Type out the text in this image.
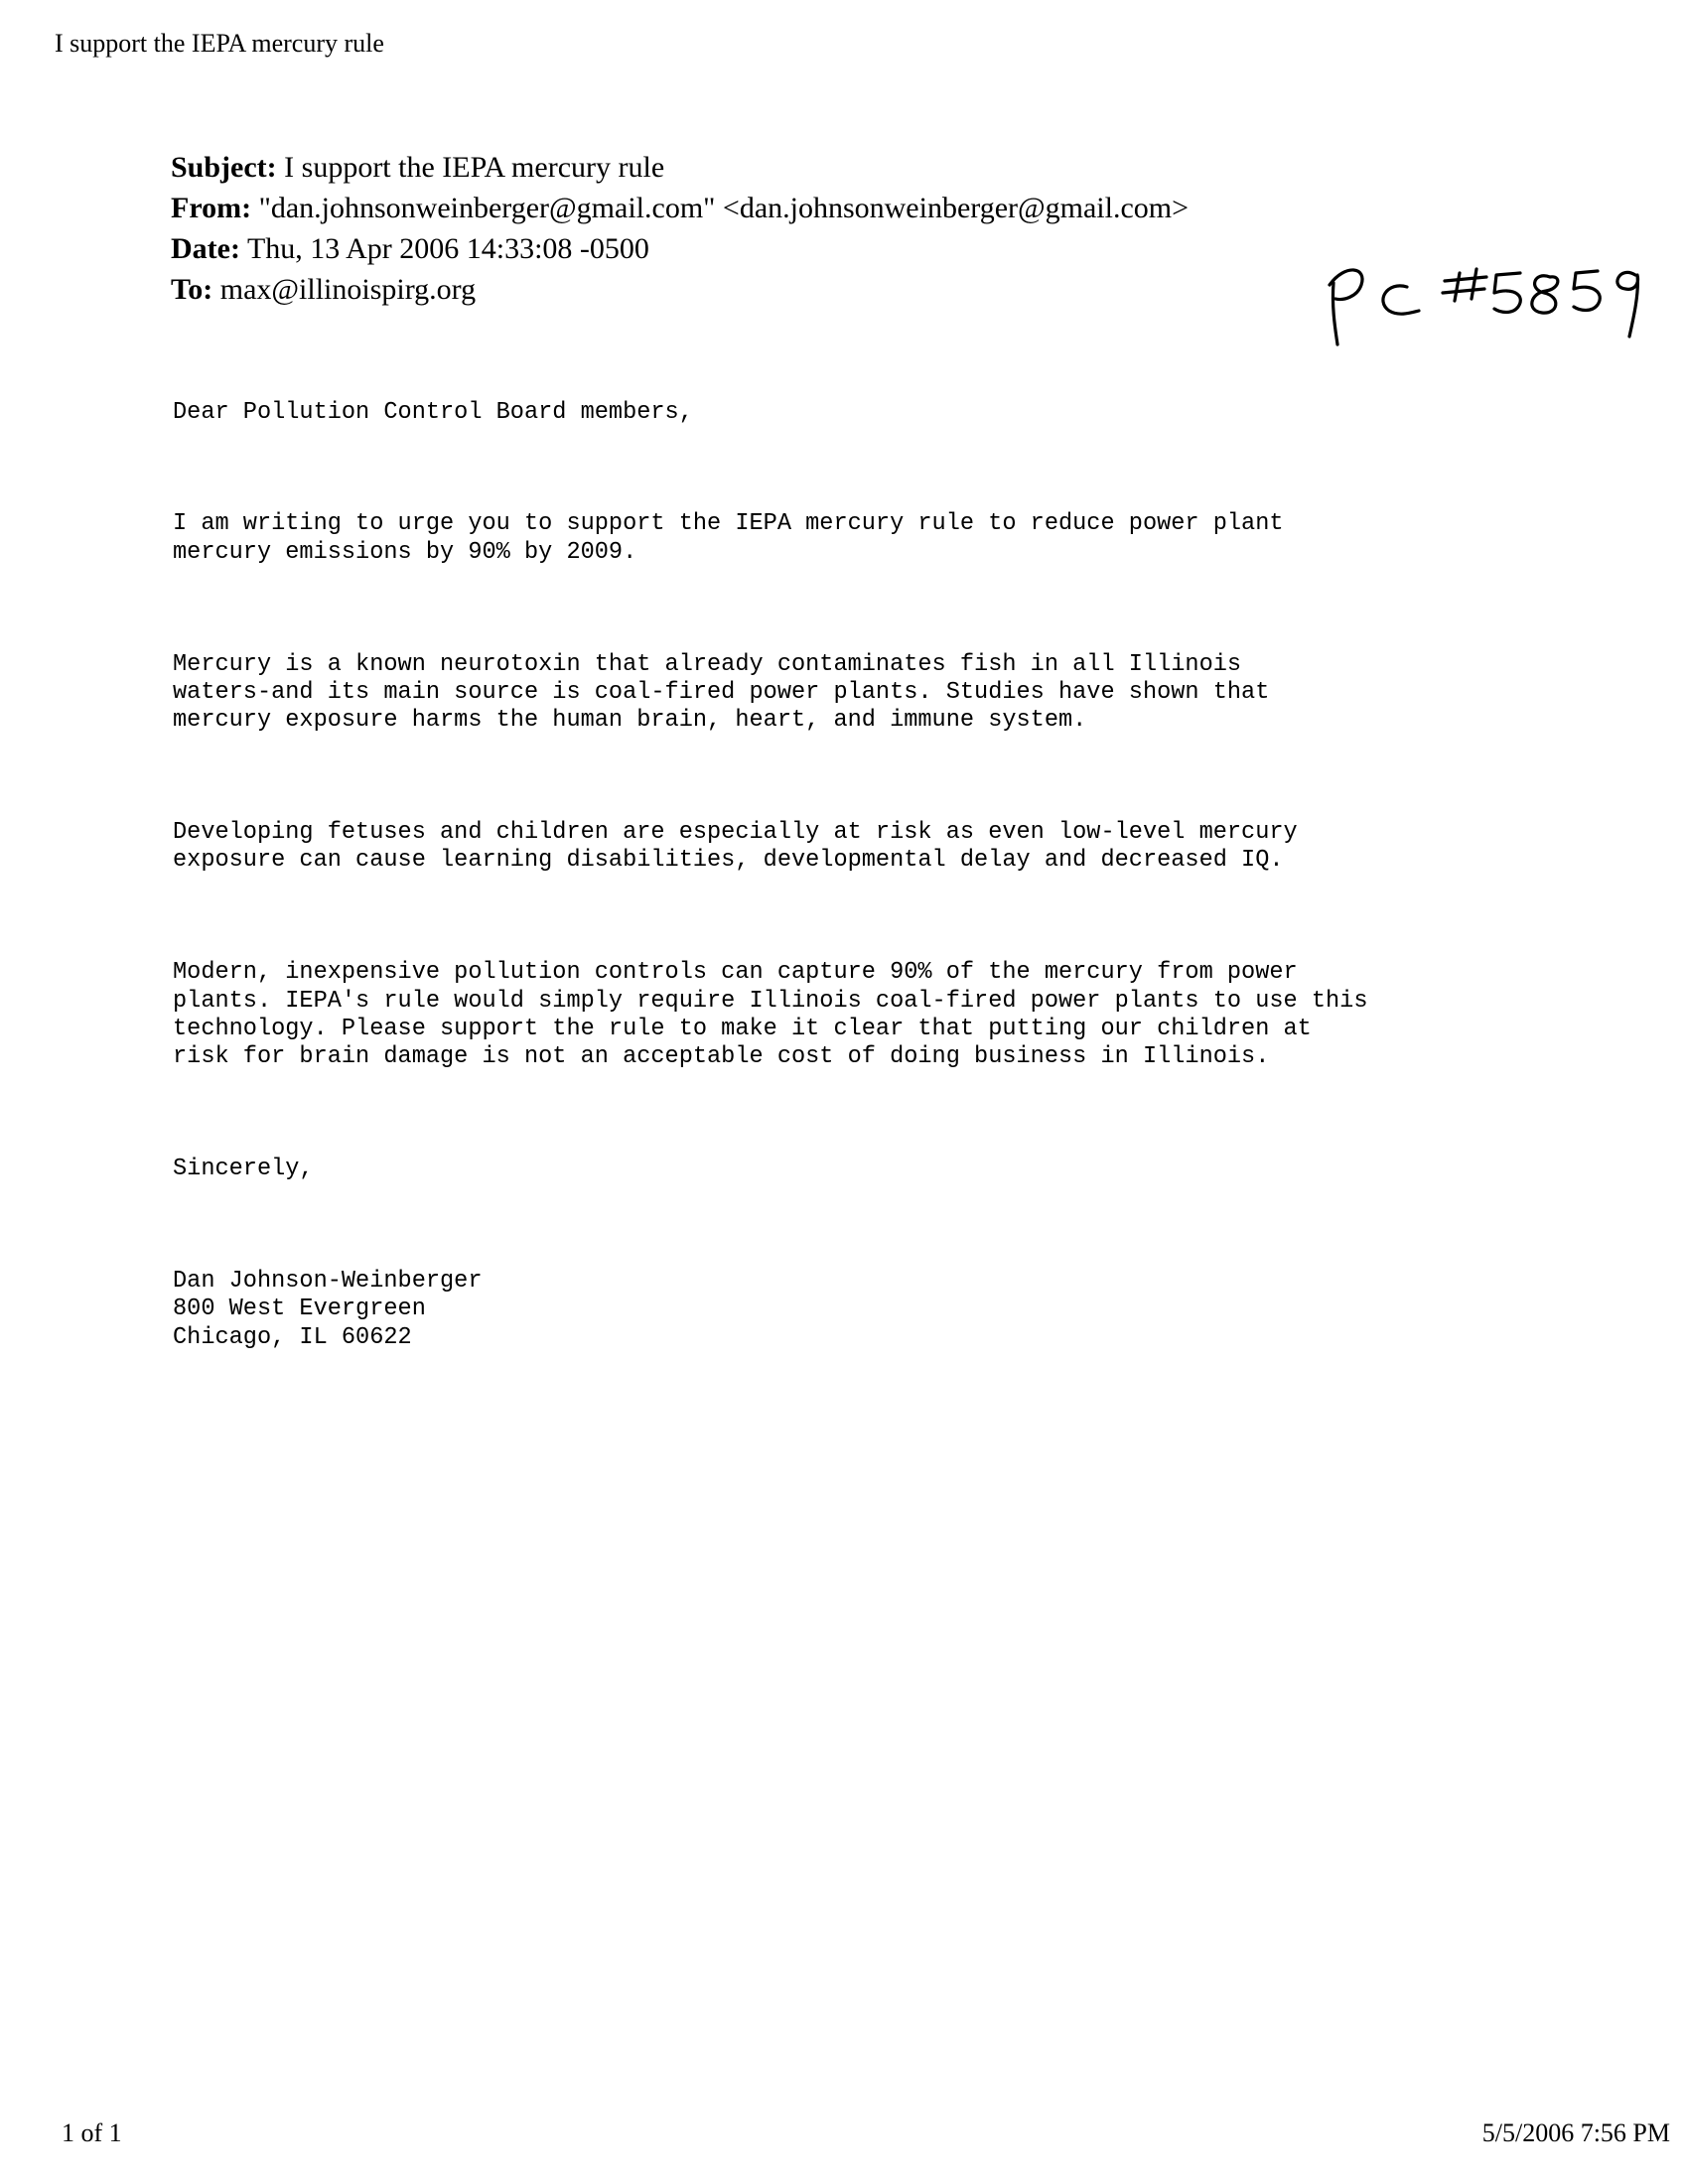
I support the IEPA mercury rule
Subject: I support the IEPA mercury rule
From: "dan.johnsonweinberger@gmail.com" <dan.johnsonweinberger@gmail.com>
Date: Thu, 13 Apr 2006 14:33:08 -0500
To: max@illinoispirg.org

Dear Pollution Control Board members,

I am writing to urge you to support the IEPA mercury rule to reduce power plant
mercury emissions by 90% by 2009.

Mercury is a known neurotoxin that already contaminates fish in all Illinois
waters-and its main source is coal-fired power plants. Studies have shown that
mercury exposure harms the human brain, heart, and immune system.

Developing fetuses and children are especially at risk as even low-level mercury
exposure can cause learning disabilities, developmental delay and decreased IQ.

Modern, inexpensive pollution controls can capture 90% of the mercury from power
plants. IEPA's rule would simply require Illinois coal-fired power plants to use this
technology. Please support the rule to make it clear that putting our children at
risk for brain damage is not an acceptable cost of doing business in Illinois.

Sincerely,

Dan Johnson-Weinberger
800 West Evergreen
Chicago, IL 60622

1 of 1	5/5/2006 7:56 PM
